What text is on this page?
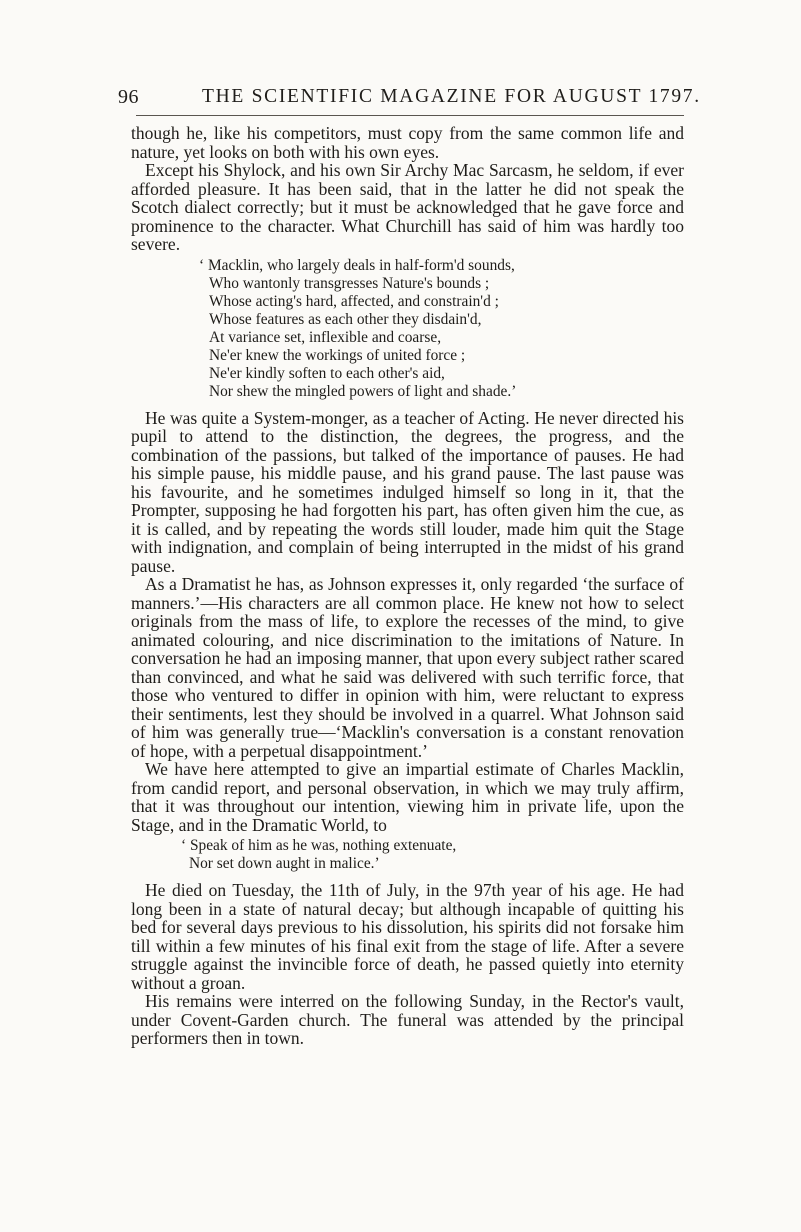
96	THE SCIENTIFIC MAGAZINE FOR AUGUST 1797.

though he, like his competitors, must copy from the same common life and nature, yet looks on both with his own eyes.

Except his Shylock, and his own Sir Archy Mac Sarcasm, he seldom, if ever afforded pleasure. It has been said, that in the latter he did not speak the Scotch dialect correctly; but it must be acknowledged that he gave force and prominence to the character. What Churchill has said of him was hardly too severe.

‘ Macklin, who largely deals in half-form'd sounds,
Who wantonly transgresses Nature's bounds ;
Whose acting's hard, affected, and constrain'd ;
Whose features as each other they disdain'd,
At variance set, inflexible and coarse,
Ne'er knew the workings of united force ;
Ne'er kindly soften to each other's aid,
Nor shew the mingled powers of light and shade.’

He was quite a System-monger, as a teacher of Acting. He never directed his pupil to attend to the distinction, the degrees, the progress, and the combination of the passions, but talked of the importance of pauses. He had his simple pause, his middle pause, and his grand pause. The last pause was his favourite, and he sometimes indulged himself so long in it, that the Prompter, supposing he had forgotten his part, has often given him the cue, as it is called, and by repeating the words still louder, made him quit the Stage with indignation, and complain of being interrupted in the midst of his grand pause.

As a Dramatist he has, as Johnson expresses it, only regarded ‘the surface of manners.’—His characters are all common place. He knew not how to select originals from the mass of life, to explore the recesses of the mind, to give animated colouring, and nice discrimination to the imitations of Nature. In conversation he had an imposing manner, that upon every subject rather scared than convinced, and what he said was delivered with such terrific force, that those who ventured to differ in opinion with him, were reluctant to express their sentiments, lest they should be involved in a quarrel. What Johnson said of him was generally true—‘Macklin's conversation is a constant renovation of hope, with a perpetual disappointment.’

We have here attempted to give an impartial estimate of Charles Macklin, from candid report, and personal observation, in which we may truly affirm, that it was throughout our intention, viewing him in private life, upon the Stage, and in the Dramatic World, to

‘ Speak of him as he was, nothing extenuate,
Nor set down aught in malice.’

He died on Tuesday, the 11th of July, in the 97th year of his age. He had long been in a state of natural decay; but although incapable of quitting his bed for several days previous to his dissolution, his spirits did not forsake him till within a few minutes of his final exit from the stage of life. After a severe struggle against the invincible force of death, he passed quietly into eternity without a groan.

His remains were interred on the following Sunday, in the Rector's vault, under Covent-Garden church. The funeral was attended by the principal performers then in town.
